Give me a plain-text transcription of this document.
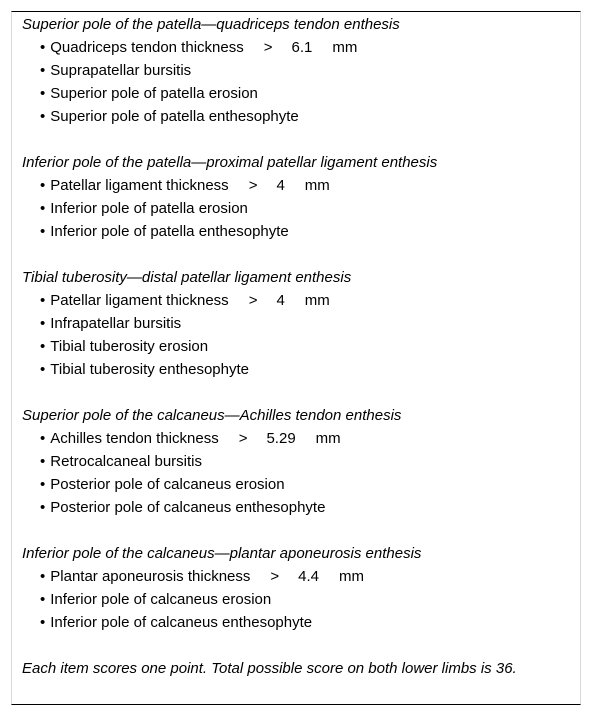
Superior pole of the patella—quadriceps tendon enthesis
• Quadriceps tendon thickness > 6.1 mm
• Suprapatellar bursitis
• Superior pole of patella erosion
• Superior pole of patella enthesophyte
Inferior pole of the patella—proximal patellar ligament enthesis
• Patellar ligament thickness > 4 mm
• Inferior pole of patella erosion
• Inferior pole of patella enthesophyte
Tibial tuberosity—distal patellar ligament enthesis
• Patellar ligament thickness > 4 mm
• Infrapatellar bursitis
• Tibial tuberosity erosion
• Tibial tuberosity enthesophyte
Superior pole of the calcaneus—Achilles tendon enthesis
• Achilles tendon thickness > 5.29 mm
• Retrocalcaneal bursitis
• Posterior pole of calcaneus erosion
• Posterior pole of calcaneus enthesophyte
Inferior pole of the calcaneus—plantar aponeurosis enthesis
• Plantar aponeurosis thickness > 4.4 mm
• Inferior pole of calcaneus erosion
• Inferior pole of calcaneus enthesophyte
Each item scores one point. Total possible score on both lower limbs is 36.
